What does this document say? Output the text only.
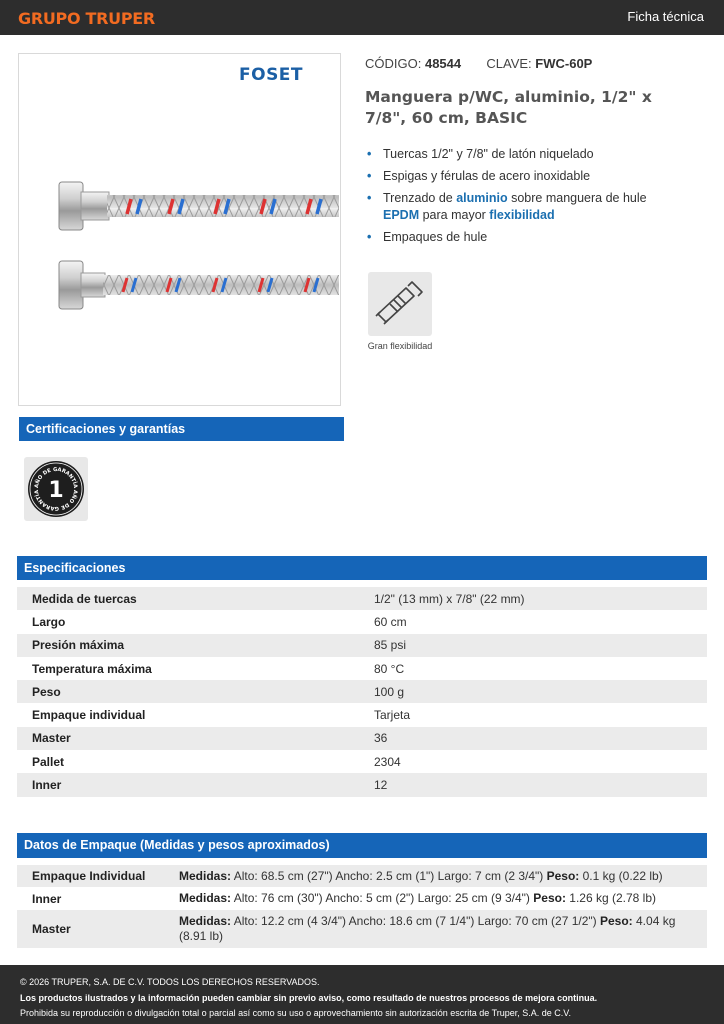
GRUPO TRUPER	Ficha técnica
FOSET
CÓDIGO: 48544 CLAVE: FWC-60P
Manguera p/WC, aluminio, 1/2" x 7/8", 60 cm, BASIC
• Tuercas 1/2" y 7/8" de latón niquelado
• Espigas y férulas de acero inoxidable
• Trenzado de aluminio sobre manguera de hule EPDM para mayor flexibilidad
• Empaques de hule
Gran flexibilidad
Certificaciones y garantías
AÑO DE GARANTÍA
AÑO DE GARANTÍA 1
Especificaciones
Medida de tuercas	1/2" (13 mm) x 7/8" (22 mm)
Largo	60 cm
Presión máxima	85 psi
Temperatura máxima	80 °C
Peso	100 g
Empaque individual	Tarjeta
Master	36
Pallet	2304
Inner	12
Datos de Empaque (Medidas y pesos aproximados)
Empaque Individual	Medidas: Alto: 68.5 cm (27") Ancho: 2.5 cm (1") Largo: 7 cm (2 3/4") Peso: 0.1 kg (0.22 lb)
Inner	Medidas: Alto: 76 cm (30") Ancho: 5 cm (2") Largo: 25 cm (9 3/4") Peso: 1.26 kg (2.78 lb)
Master	Medidas: Alto: 12.2 cm (4 3/4") Ancho: 18.6 cm (7 1/4") Largo: 70 cm (27 1/2") Peso: 4.04 kg (8.91 lb)
© 2026 TRUPER, S.A. DE C.V. TODOS LOS DERECHOS RESERVADOS.
Los productos ilustrados y la información pueden cambiar sin previo aviso, como resultado de nuestros procesos de mejora continua.
Prohibida su reproducción o divulgación total o parcial así como su uso o aprovechamiento sin autorización escrita de Truper, S.A. de C.V.
